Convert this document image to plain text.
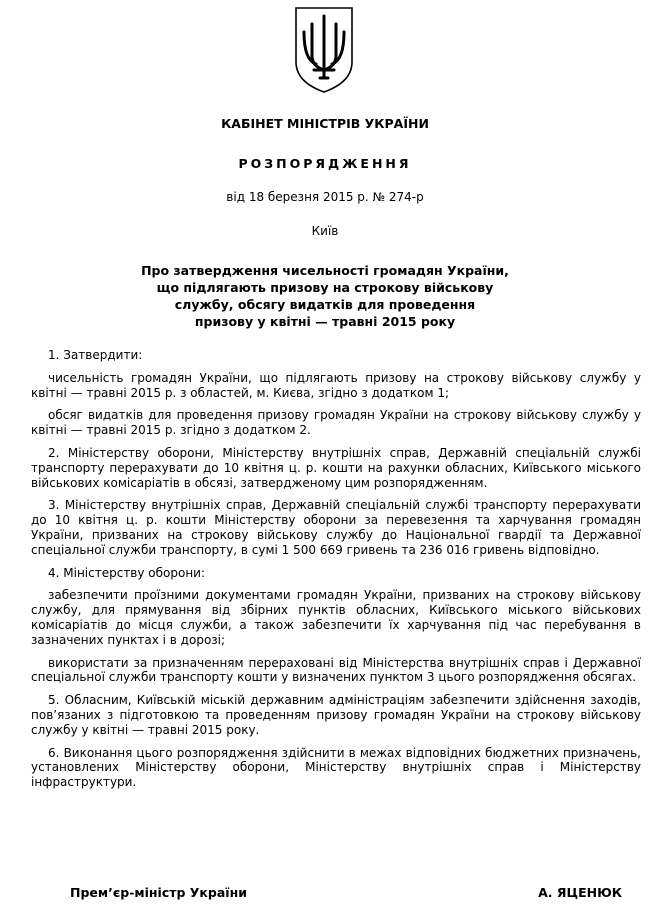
КАБІНЕТ МІНІСТРІВ УКРАЇНИ
РОЗПОРЯДЖЕННЯ
від 18 березня 2015 р. № 274-р
Київ
Про затвердження чисельності громадян України,
що підлягають призову на строкову військову
службу, обсягу видатків для проведення
призову у квітні — травні 2015 року

1. Затвердити:

чисельність громадян України, що підлягають призову на строкову військову службу у квітні — травні 2015 р. з областей, м. Києва, згідно з додатком 1;

обсяг видатків для проведення призову громадян України на строкову військову службу у квітні — травні 2015 р. згідно з додатком 2.

2. Міністерству оборони, Міністерству внутрішніх справ, Державній спеціальній службі транспорту перерахувати до 10 квітня ц. р. кошти на рахунки обласних, Київського міського військових комісаріатів в обсязі, затвердженому цим розпорядженням.

3. Міністерству внутрішніх справ, Державній спеціальній службі транспорту перерахувати до 10 квітня ц. р. кошти Міністерству оборони за перевезення та харчування громадян України, призваних на строкову військову службу до Національної гвардії та Державної спеціальної служби транспорту, в сумі 1 500 669 гривень та 236 016 гривень відповідно.

4. Міністерству оборони:

забезпечити проїзними документами громадян України, призваних на строкову військову службу, для прямування від збірних пунктів обласних, Київського міського військових комісаріатів до місця служби, а також забезпечити їх харчування під час перебування в зазначених пунктах і в дорозі;

використати за призначенням перераховані від Міністерства внутрішніх справ і Державної спеціальної служби транспорту кошти у визначених пунктом 3 цього розпорядження обсягах.

5. Обласним, Київській міській державним адміністраціям забезпечити здійснення заходів, пов’язаних з підготовкою та проведенням призову громадян України на строкову військову службу у квітні — травні 2015 року.

6. Виконання цього розпорядження здійснити в межах відповідних бюджетних призначень, установлених Міністерству оборони, Міністерству внутрішніх справ і Міністерству інфраструктури.

Прем’єр-міністр України	А. ЯЦЕНЮК
